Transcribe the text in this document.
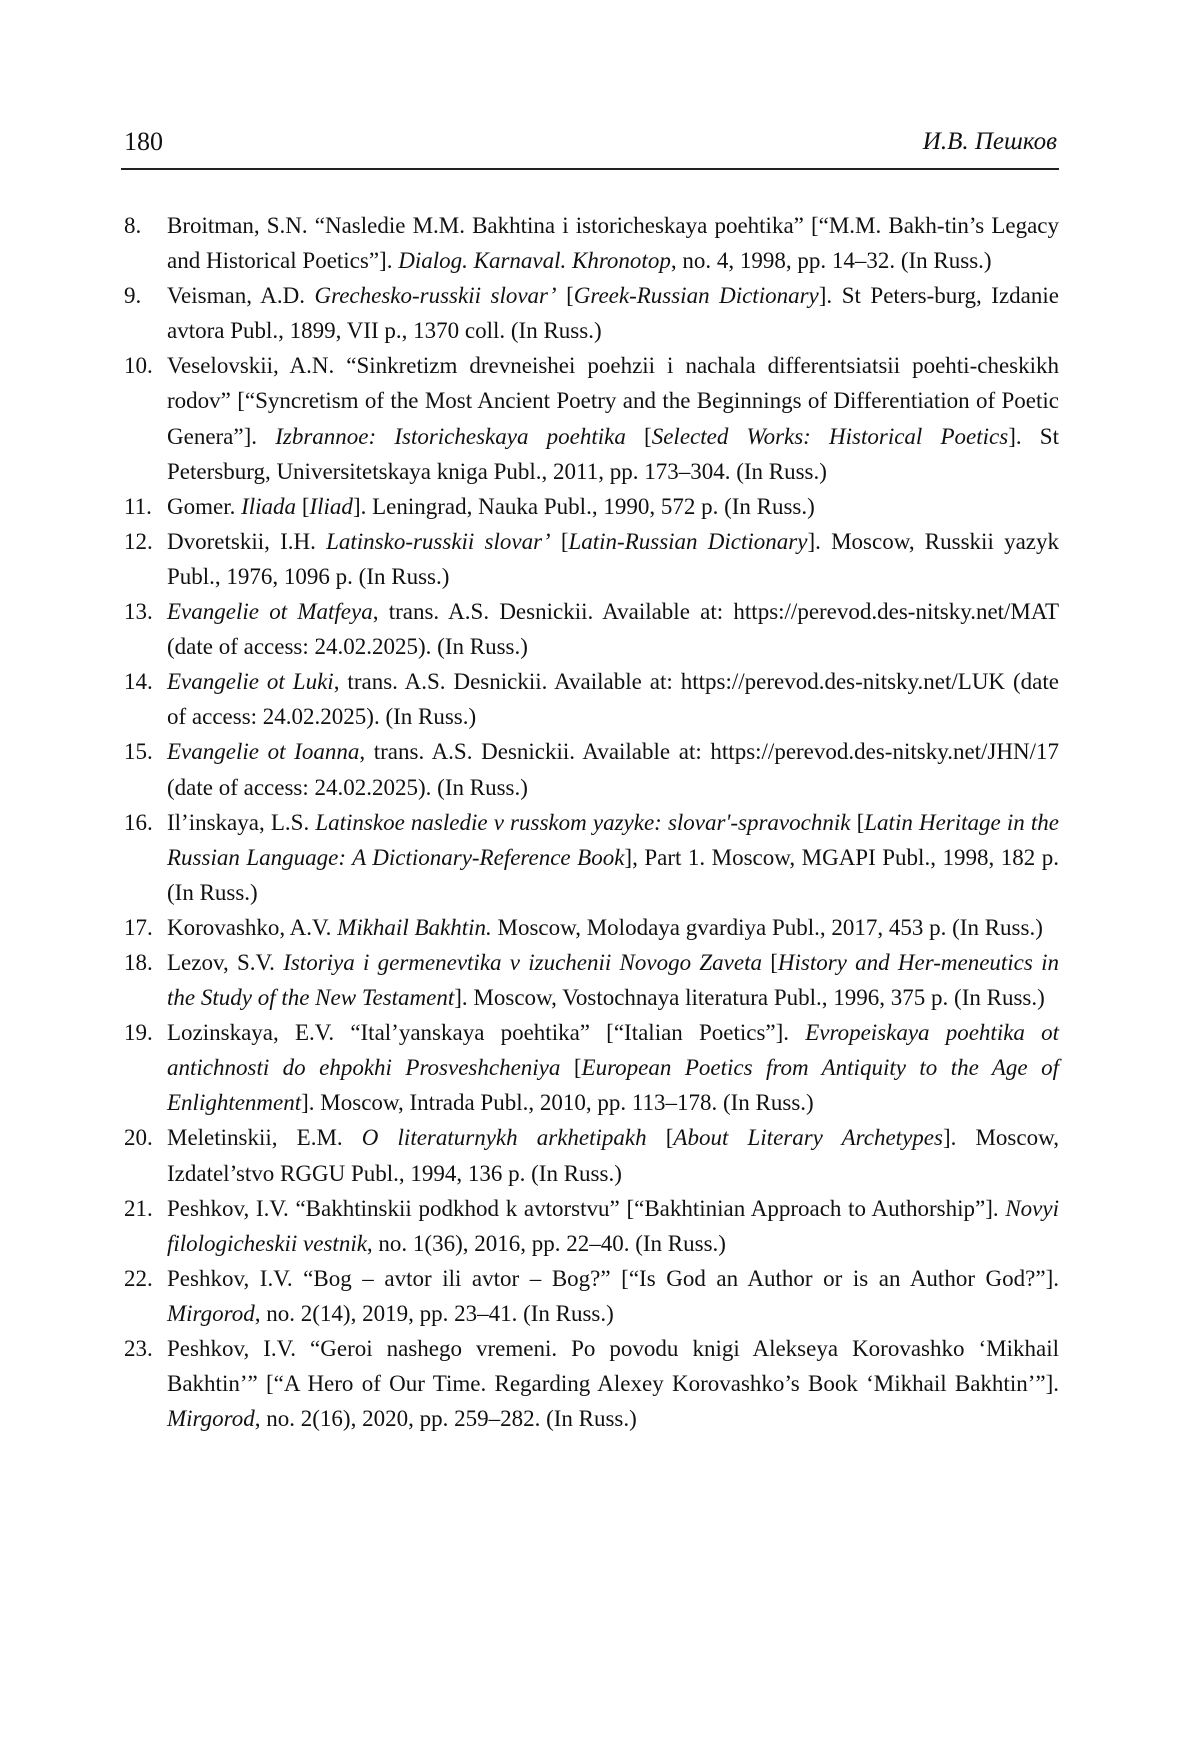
180	И.В. Пешков
8. Broitman, S.N. “Nasledie M.M. Bakhtina i istoricheskaya poehtika” [“M.M. Bakh-tin’s Legacy and Historical Poetics”]. Dialog. Karnaval. Khronotop, no. 4, 1998, pp. 14–32. (In Russ.)
9. Veisman, A.D. Grechesko-russkii slovar’ [Greek-Russian Dictionary]. St Peters-burg, Izdanie avtora Publ., 1899, VII p., 1370 coll. (In Russ.)
10. Veselovskii, A.N. “Sinkretizm drevneishei poehzii i nachala differentsiatsii poehti-cheskikh rodov” [“Syncretism of the Most Ancient Poetry and the Beginnings of Differentiation of Poetic Genera”]. Izbrannoe: Istoricheskaya poehtika [Selected Works: Historical Poetics]. St Petersburg, Universitetskaya kniga Publ., 2011, pp. 173–304. (In Russ.)
11. Gomer. Iliada [Iliad]. Leningrad, Nauka Publ., 1990, 572 p. (In Russ.)
12. Dvoretskii, I.H. Latinsko-russkii slovar’ [Latin-Russian Dictionary]. Moscow, Russkii yazyk Publ., 1976, 1096 p. (In Russ.)
13. Evangelie ot Matfeya, trans. A.S. Desnickii. Available at: https://perevod.des-nitsky.net/MAT (date of access: 24.02.2025). (In Russ.)
14. Evangelie ot Luki, trans. A.S. Desnickii. Available at: https://perevod.des-nitsky.net/LUK (date of access: 24.02.2025). (In Russ.)
15. Evangelie ot Ioanna, trans. A.S. Desnickii. Available at: https://perevod.des-nitsky.net/JHN/17 (date of access: 24.02.2025). (In Russ.)
16. Il’inskaya, L.S. Latinskoe nasledie v russkom yazyke: slovar'-spravochnik [Latin Heritage in the Russian Language: A Dictionary-Reference Book], Part 1. Moscow, MGAPI Publ., 1998, 182 p. (In Russ.)
17. Korovashko, A.V. Mikhail Bakhtin. Moscow, Molodaya gvardiya Publ., 2017, 453 p. (In Russ.)
18. Lezov, S.V. Istoriya i germenevtika v izuchenii Novogo Zaveta [History and Her-meneutics in the Study of the New Testament]. Moscow, Vostochnaya literatura Publ., 1996, 375 p. (In Russ.)
19. Lozinskaya, E.V. “Ital’yanskaya poehtika” [“Italian Poetics”]. Evropeiskaya poehtika ot antichnosti do ehpokhi Prosveshcheniya [European Poetics from Antiquity to the Age of Enlightenment]. Moscow, Intrada Publ., 2010, pp. 113–178. (In Russ.)
20. Meletinskii, E.M. O literaturnykh arkhetipakh [About Literary Archetypes]. Moscow, Izdatel’stvo RGGU Publ., 1994, 136 p. (In Russ.)
21. Peshkov, I.V. “Bakhtinskii podkhod k avtorstvu” [“Bakhtinian Approach to Authorship”]. Novyi filologicheskii vestnik, no. 1(36), 2016, pp. 22–40. (In Russ.)
22. Peshkov, I.V. “Bog – avtor ili avtor – Bog?” [“Is God an Author or is an Author God?”]. Mirgorod, no. 2(14), 2019, pp. 23–41. (In Russ.)
23. Peshkov, I.V. “Geroi nashego vremeni. Po povodu knigi Alekseya Korovashko ‘Mikhail Bakhtin’” [“A Hero of Our Time. Regarding Alexey Korovashko’s Book ‘Mikhail Bakhtin’”]. Mirgorod, no. 2(16), 2020, pp. 259–282. (In Russ.)
